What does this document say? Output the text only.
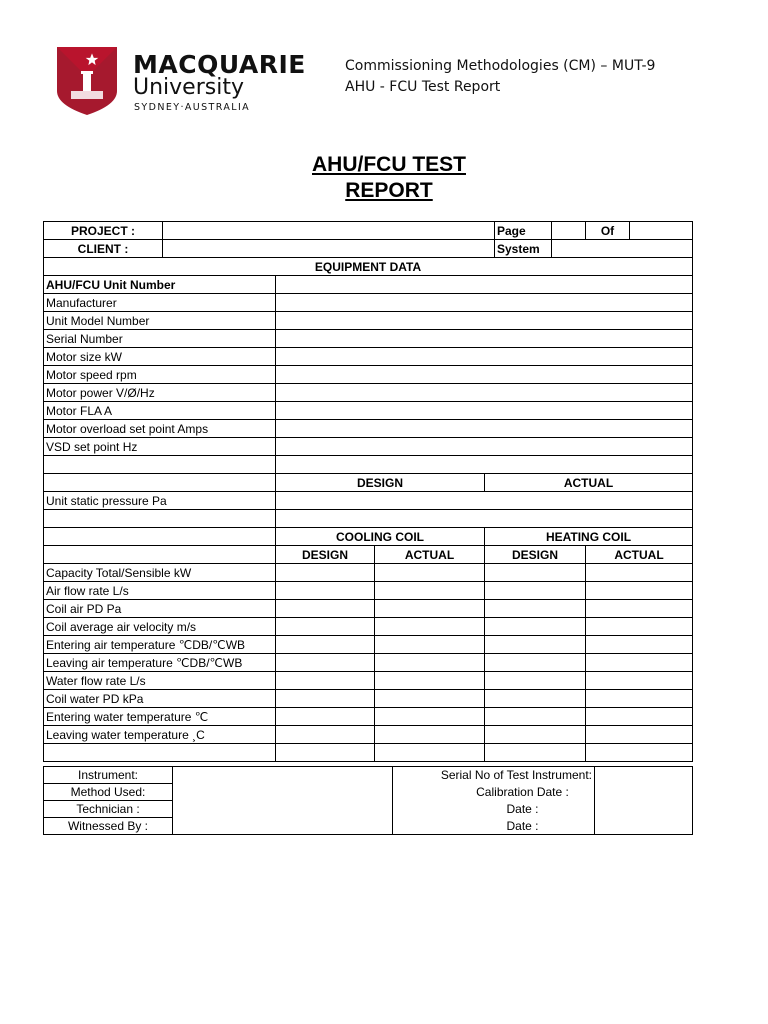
MACQUARIE
University
SYDNEY·AUSTRALIA
Commissioning Methodologies (CM) – MUT-9
AHU - FCU Test Report
AHU/FCU TEST
REPORT
PROJECT :					Page		Of	
CLIENT :					System			
EQUIPMENT DATA								
AHU/FCU Unit Number								
Manufacturer								
Unit Model Number								
Serial Number								
Motor size kW								
Motor speed rpm								
Motor power V/Ø/Hz								
Motor FLA A								
Motor overload set point Amps								
VSD set point Hz								

		DESIGN		ACTUAL				
Unit static pressure Pa								

		COOLING COIL		HEATING COIL				
		DESIGN	ACTUAL	DESIGN			ACTUAL	
Capacity Total/Sensible kW								
Air flow rate L/s								
Coil air PD Pa								
Coil average air velocity m/s								
Entering air temperature ℃DB/℃WB								
Leaving air temperature ℃DB/℃WB								
Water flow rate L/s								
Coil water PD kPa								
Entering water temperature ℃								
Leaving water temperature ¸C								

Instrument:		Serial No of Test Instrument:	
Method Used:		Calibration Date :	
Technician :		Date :	
Witnessed By :		Date :	
